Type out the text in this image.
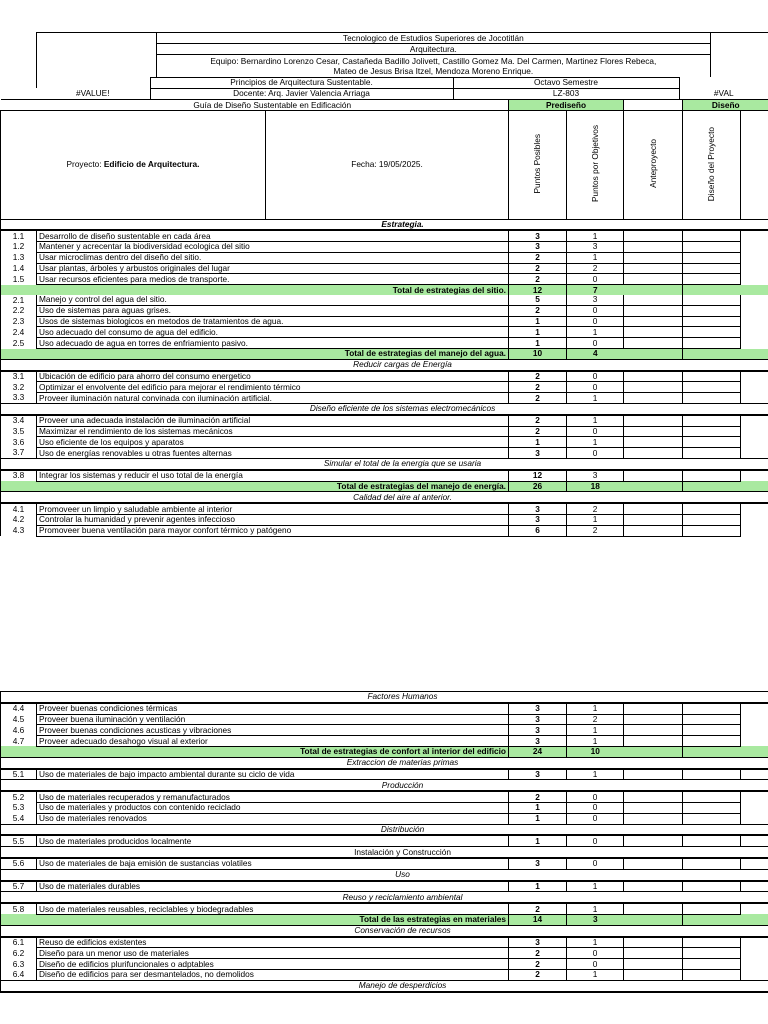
	Tecnologico de Estudios Superiores de Jocotitlán	
Arquitectura.

Equipo: Bernardino Lorenzo Cesar, Castañeda Badillo Jolivett, Castillo Gomez Ma. Del Carmen, Martinez Flores Rebeca,
Mateo de Jesus Brisa Itzel, Mendoza Moreno Enrique.
		Principios de Arquitectura Sustentable.	Octavo Semestre	
	#VALUE!	Docente: Arq. Javier Valencia Arriaga	LZ-803	#VAL
	Guía de Diseño Sustentable en Edificación		Prediseño			Diseño	
Proyecto: Edificio de Arquitectura.		Fecha: 19/05/2025.	Puntos Posibles	Puntos por Objetivos	Anteproyecto	Diseño del Proyecto	
	Estrategia.					
1.1	Desarrollo de diseño sustentable en cada área	3	1			
1.2	Mantener y acrecentar la biodiversidad ecologica del sitio	3	3			
1.3	Usar microclimas dentro del diseño del sitio.	2	1			
1.4	Usar plantas, árboles y arbustos originales del lugar	2	2			
1.5	Usar recursos eficientes para medios de transporte.	2	0			
	Total de estrategias del sitio.	12	7			
2.1	Manejo y control del agua del sitio.	5	3			
2.2	Uso de sistemas para aguas grises.	2	0			
2.3	Usos de sistemas biologicos en metodos de tratamientos de agua.	1	0			
2.4	Uso adecuado del consumo de agua del edificio.	1	1			
2.5	Uso adecuado de agua en torres de enfriamiento pasivo.	1	0			
	Total de estrategias del manejo del agua.	10	4			
	Reducir cargas de Energía					
3.1	Ubicación de edificio para ahorro del consumo energetico	2	0			
3.2	Optimizar el envolvente del edificio para mejorar el rendimiento térmico	2	0			
3.3	Proveer iluminación natural convinada con iluminación artificial.	2	1			
	Diseño eficiente de los sistemas electromecánicos					
3.4	Proveer una adecuada instalación de iluminación artificial	2	1			
3.5	Maximizar el rendimiento de los sistemas mecánicos	2	0			
3.6	Uso eficiente de los equipos y aparatos	1	1			
3.7	Uso de energías renovables u otras fuentes alternas	3	0			
	Simular el total de la energia que se usaria					
3.8	Integrar los sistemas y reducir el uso total de la energía	12	3			
	Total de estrategias del manejo de energía.	26	18			
	Calidad del aire al anterior.					
4.1	Promoveer un limpio y saludable ambiente al interior	3	2			
4.2	Controlar la humanidad y prevenir agentes infeccioso	3	1			
4.3	Promoveer buena ventilación para mayor confort térmico y patógeno	6	2			
	Factores Humanos					
4.4	Proveer buenas condiciones térmicas	3	1			
4.5	Proveer buena iluminación y ventilación	3	2			
4.6	Proveer buenas condiciones acusticas y vibraciones	3	1			
4.7	Proveer adecuado desahogo visual al exterior	3	1			
	Total de estrategias de confort al interior del edificio	24	10			
	Extraccion de materias primas					
5.1	Uso de materiales de bajo impacto ambiental durante su ciclo de vida	3	1			
	Producción					
5.2	Uso de materiales recuperados y remanufacturados	2	0			
5.3	Uso de materiales y productos con contenido reciclado	1	0			
5.4	Uso de materiales renovados	1	0			
	Distribución					
5.5	Uso de materiales producidos localmente	1	0			
	Instalación y Construcción					
5.6	Uso de materiales de baja emisión de sustancias volatiles	3	0			
	Uso					
5.7	Uso de materiales durables	1	1			
	Reuso y reciclamiento ambiental					
5.8	Uso de materiales reusables, reciclables y biodegradables	2	1			
	Total de las estrategias en materiales	14	3			
	Conservación de recursos					
6.1	Reuso de edificios existentes	3	1			
6.2	Diseño para un menor uso de materiales	2	0			
6.3	Diseño de edificios plurifuncionales o adptables	2	0			
6.4	Diseño de edificios para ser desmantelados, no demolidos	2	1			
	Manejo de desperdicios					
